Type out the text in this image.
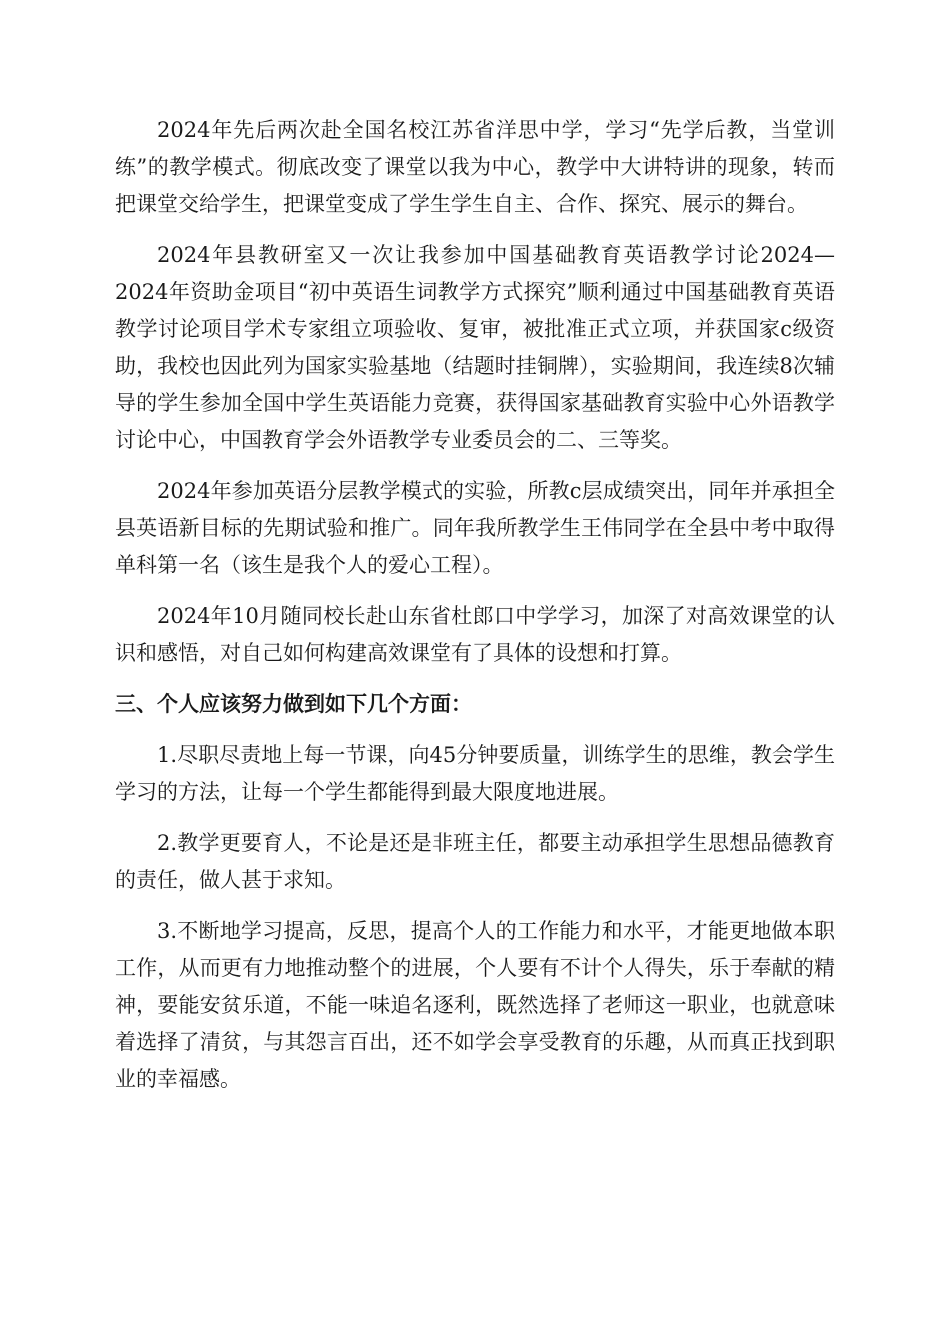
2024年先后两次赴全国名校江苏省洋思中学，学习“先学后教，当堂训练”的教学模式。彻底改变了课堂以我为中心，教学中大讲特讲的现象，转而把课堂交给学生，把课堂变成了学生学生自主、合作、探究、展示的舞台。

2024年县教研室又一次让我参加中国基础教育英语教学讨论2024—2024年资助金项目“初中英语生词教学方式探究”顺利通过中国基础教育英语教学讨论项目学术专家组立项验收、复审，被批准正式立项，并获国家c级资助，我校也因此列为国家实验基地（结题时挂铜牌），实验期间，我连续8次辅导的学生参加全国中学生英语能力竞赛，获得国家基础教育实验中心外语教学讨论中心，中国教育学会外语教学专业委员会的二、三等奖。

2024年参加英语分层教学模式的实验，所教c层成绩突出，同年并承担全县英语新目标的先期试验和推广。同年我所教学生王伟同学在全县中考中取得单科第一名（该生是我个人的爱心工程）。

2024年10月随同校长赴山东省杜郎口中学学习，加深了对高效课堂的认识和感悟，对自己如何构建高效课堂有了具体的设想和打算。

三、个人应该努力做到如下几个方面：

1.尽职尽责地上每一节课，向45分钟要质量，训练学生的思维，教会学生学习的方法，让每一个学生都能得到最大限度地进展。

2.教学更要育人，不论是还是非班主任，都要主动承担学生思想品德教育的责任，做人甚于求知。

3.不断地学习提高，反思，提高个人的工作能力和水平，才能更地做本职工作，从而更有力地推动整个的进展，个人要有不计个人得失，乐于奉献的精神，要能安贫乐道，不能一味追名逐利，既然选择了老师这一职业，也就意味着选择了清贫，与其怨言百出，还不如学会享受教育的乐趣，从而真正找到职业的幸福感。
